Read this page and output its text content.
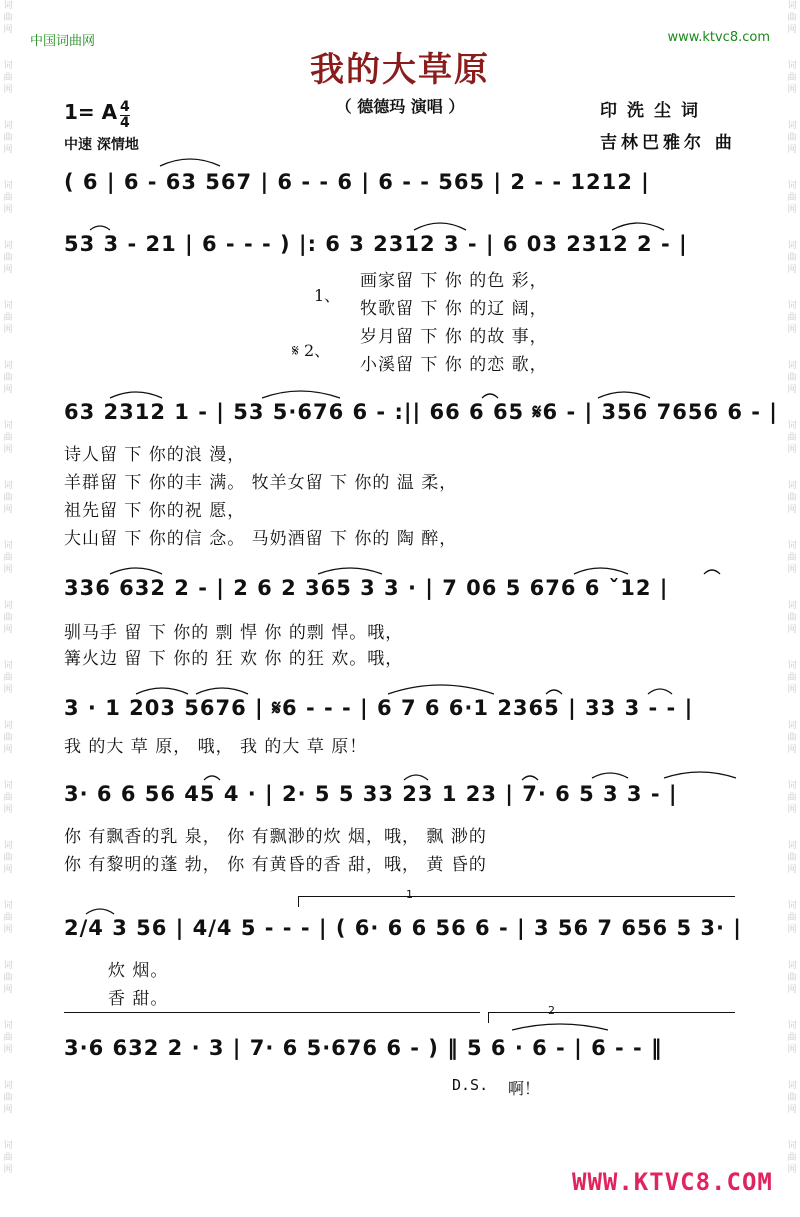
词
曲
网
词
曲
网
词
曲
网
词
曲
网
词
曲
网
词
曲
网
词
曲
网
词
曲
网
词
曲
网
词
曲
网
词
曲
网
词
曲
网
词
曲
网
词
曲
网
词
曲
网
词
曲
网
词
曲
网
词
曲
网
词
曲
网
词
曲
网
词
曲
网
词
曲
网
词
曲
网
词
曲
网
词
曲
网
词
曲
网
词
曲
网
词
曲
网
词
曲
网
词
曲
网
词
曲
网
词
曲
网
词
曲
网
词
曲
网
词
曲
网
词
曲
网
词
曲
网
词
曲
网
词
曲
网
词
曲
网
中国词曲网	www.ktvc8.com
我的大草原
（ 德德玛 演唱 ）
1= A 4
4
中速 深情地
印洗尘词
吉林巴雅尔 曲
( 6 | 6 - 63 567 | 6 - - 6 | 6 - - 565 | 2 - - 1212 |
53 3 - 21 | 6 - - - ) |: 6 3 2312 3 - | 6 03 2312 2 - |
63 2312 1 - | 53 5·676 6 - :|| 66 6 65 𝄋6 - | 356 7656 6 - |
336 632 2 - | 2 6 2 365 3 3 · | 7 06 5 676 6 ˇ12 |
3 · 1 203 5676 | 𝄋6 - - - | 6 7 6 6·1 2365 | 33 3 - - |
3· 6 6 56 45 4 · | 2· 5 5 33 23 1 23 | 7· 6 5 3 3 - |
2/4 3 56 | 4/4 5 - - - | ( 6· 6 6 56 6 - | 3 56 7 656 5 3· |
3·6 632 2 · 3 | 7· 6 5·676 6 - ) ‖ 5 6 · 6 - | 6 - - ‖
1、
𝄋 2、
画家留 下 你 的色 彩，
牧歌留 下 你 的辽 阔，
岁月留 下 你 的故 事，
小溪留 下 你 的恋 歌，
诗人留 下 你的浪 漫，
羊群留 下 你的丰 满。 牧羊女留 下 你的 温 柔，
祖先留 下 你的祝 愿，
大山留 下 你的信 念。 马奶酒留 下 你的 陶 醉，
驯马手 留 下 你的 剽 悍 你 的剽 悍。哦，
篝火边 留 下 你的 狂 欢 你 的狂 欢。哦，
我 的大 草 原， 哦， 我 的大 草 原！
你 有飘香的乳 泉， 你 有飘渺的炊 烟，哦， 飘 渺的
你 有黎明的蓬 勃， 你 有黄昏的香 甜，哦， 黄 昏的
炊 烟。
香 甜。
1
2
D.S. 啊！
WWW.KTVC8.COM
